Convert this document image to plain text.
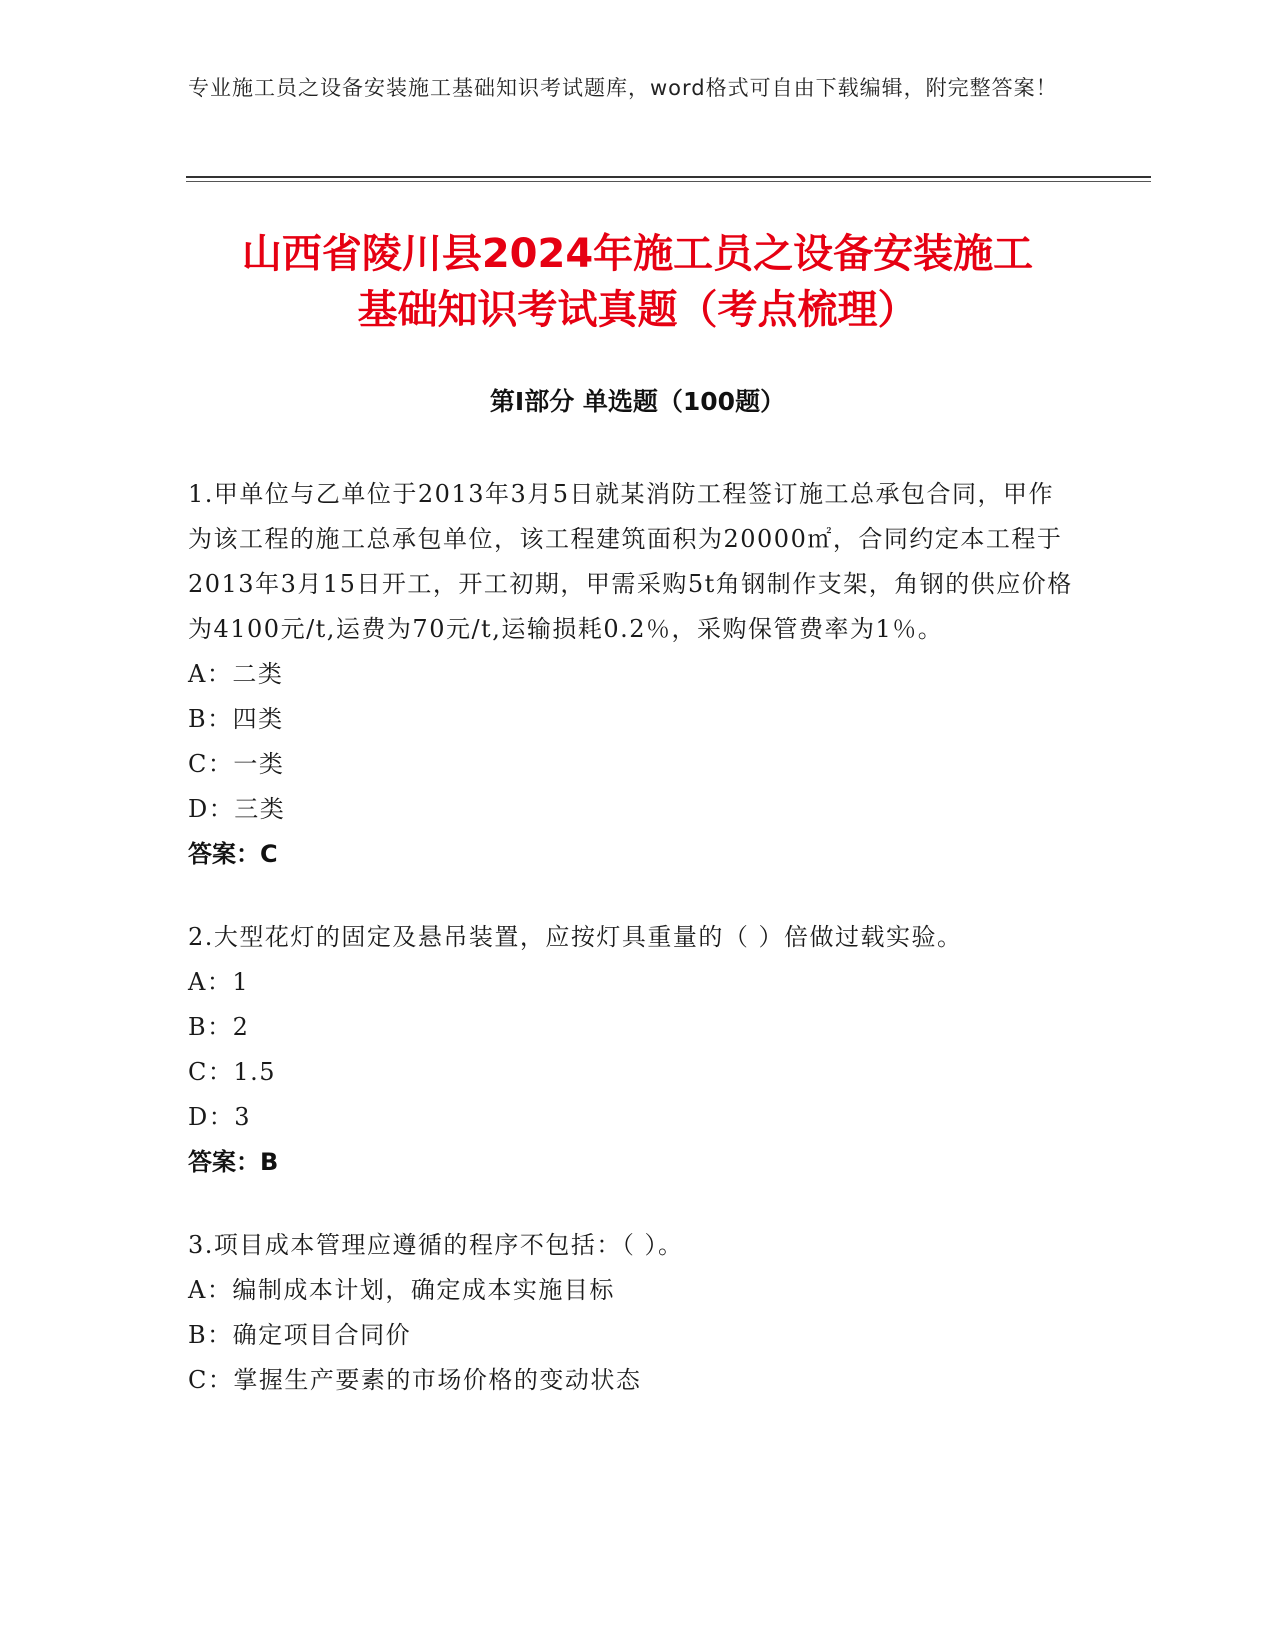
专业施工员之设备安装施工基础知识考试题库，word格式可自由下载编辑，附完整答案！
山西省陵川县2024年施工员之设备安装施工
基础知识考试真题（考点梳理）
第Ⅰ部分 单选题（100题）
1.甲单位与乙单位于2013年3月5日就某消防工程签订施工总承包合同，甲作为该工程的施工总承包单位，该工程建筑面积为20000㎡，合同约定本工程于2013年3月15日开工，开工初期，甲需采购5t角钢制作支架，角钢的供应价格为4100元/t,运费为70元/t,运输损耗0.2％，采购保管费率为1％。
A：二类
B：四类
C：一类
D：三类
答案：C
2.大型花灯的固定及悬吊装置，应按灯具重量的（ ）倍做过载实验。
A：1
B：2
C：1.5
D：3
答案：B
3.项目成本管理应遵循的程序不包括：（ ）。
A：编制成本计划，确定成本实施目标
B：确定项目合同价
C：掌握生产要素的市场价格的变动状态
